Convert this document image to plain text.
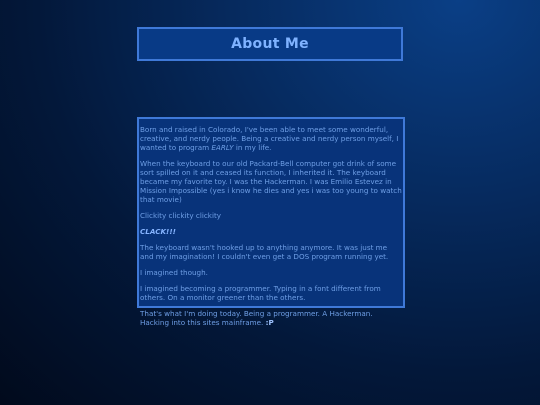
About Me

Born and raised in Colorado, I've been able to meet some wonderful, creative, and nerdy people. Being a creative and nerdy person myself, I wanted to program EARLY in my life.

When the keyboard to our old Packard-Bell computer got drink of some sort spilled on it and ceased its function, I inherited it. The keyboard became my favorite toy. I was the Hackerman. I was Emilio Estevez in Mission Impossible (yes i know he dies and yes i was too young to watch that movie)

Clickity clickity clickity

CLACK!!!

The keyboard wasn't hooked up to anything anymore. It was just me and my imagination! I couldn't even get a DOS program running yet.

I imagined though.

I imagined becoming a programmer. Typing in a font different from others. On a monitor greener than the others.

That's what I'm doing today. Being a programmer. A Hackerman. Hacking into this sites mainframe. :P
